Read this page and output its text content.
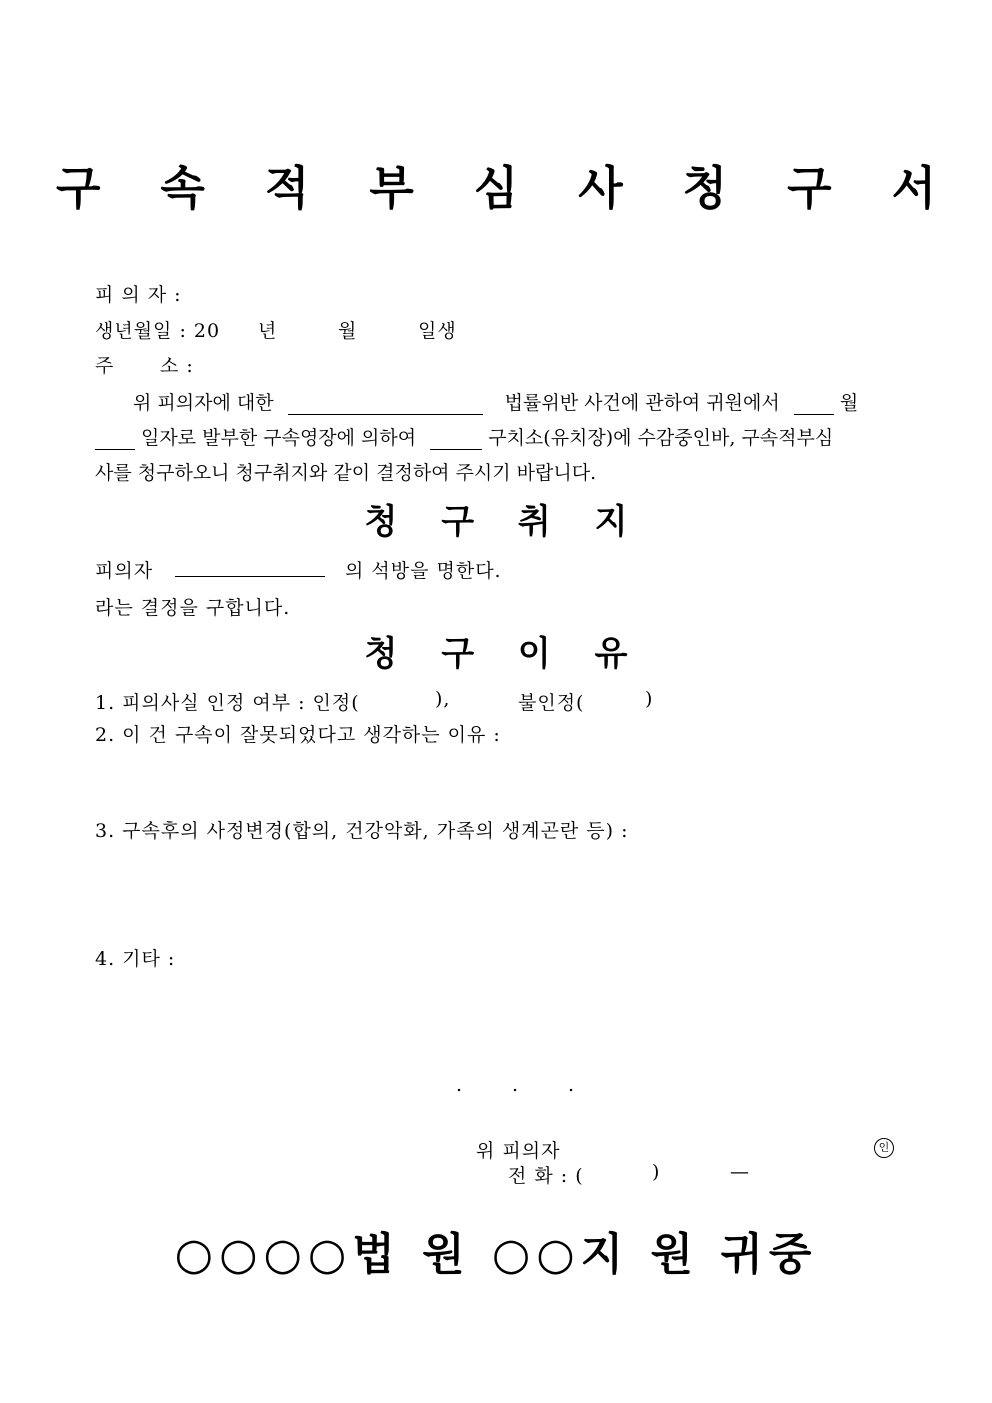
구 속 적 부 심 사 청 구 서
피 의 자 :
생년월일 : 20 년	월	일생
주 소 :
위 피의자에 대한	법률위반 사건에 관하여 귀원에서	월
일자로 발부한 구속영장에 의하여	구치소(유치장)에 수감중인바, 구속적부심
사를 청구하오니 청구취지와 같이 결정하여 주시기 바랍니다.
청 구 취 지
피의자	의 석방을 명한다.
라는 결정을 구합니다.
청 구 이 유
1. 피의사실 인정 여부 : 인정(	),	불인정(	)
2. 이 건 구속이 잘못되었다고 생각하는 이유 :
3. 구속후의 사정변경(합의, 건강악화, 가족의 생계곤란 등) :
4. 기타 :
.	.	.
위 피의자	인
전 화 : (	)	—
○○○○법 원 ○○지 원 귀중
